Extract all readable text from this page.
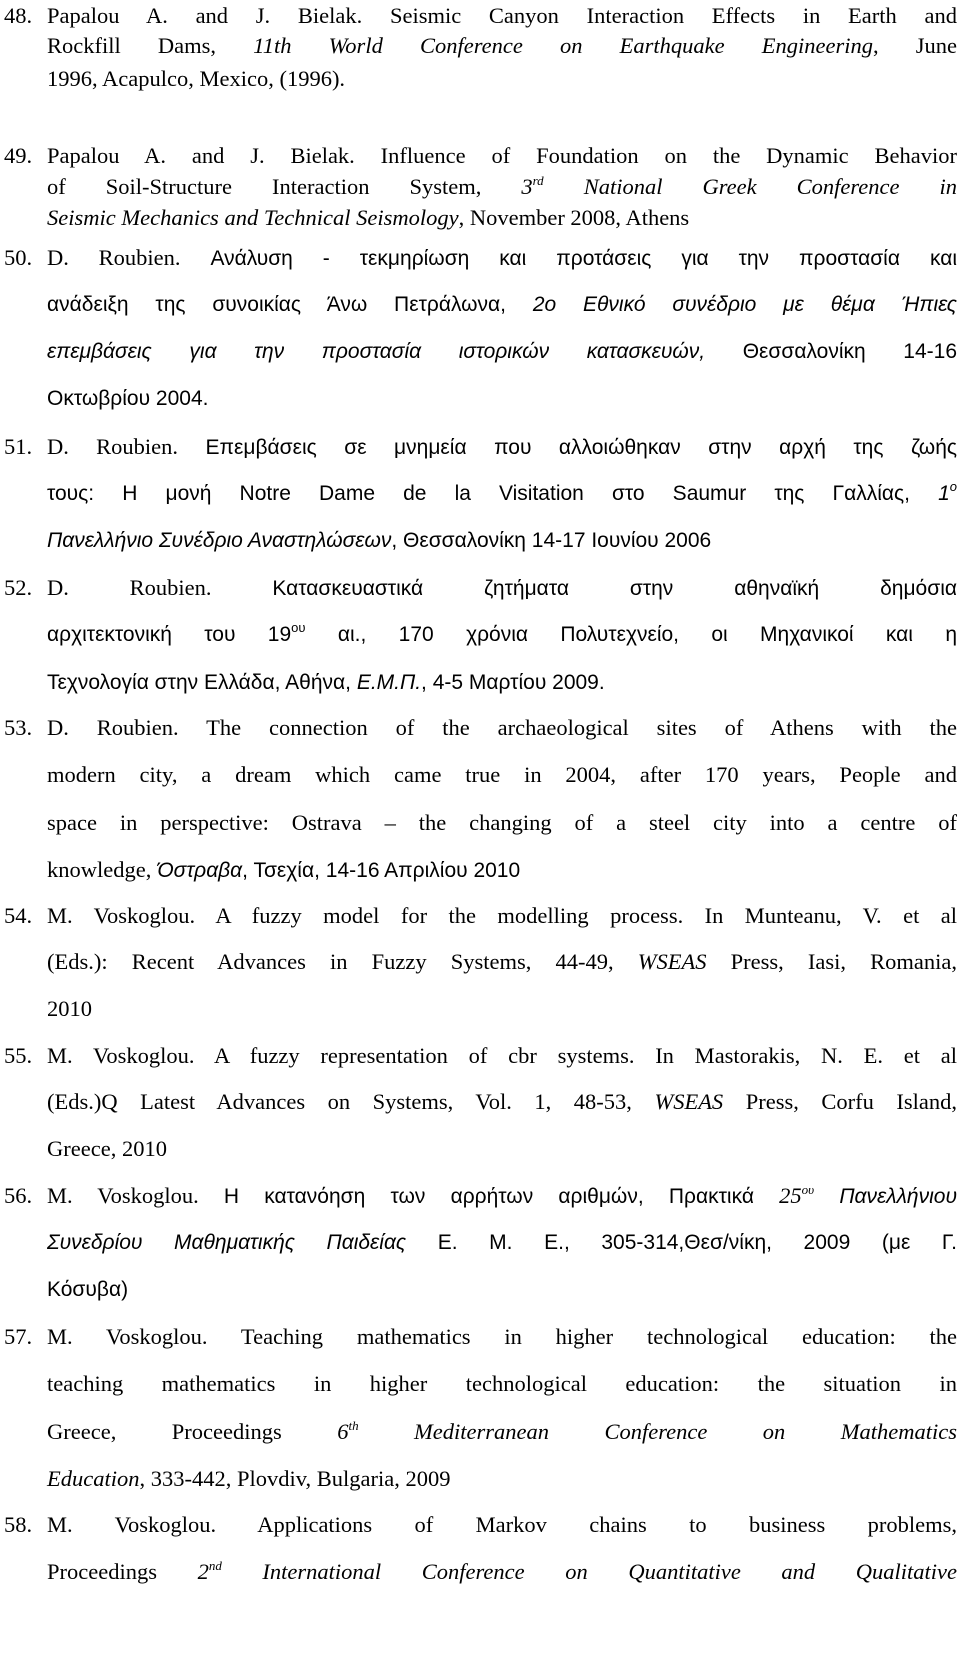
48. Papalou A. and J. Bielak. Seismic Canyon Interaction Effects in Earth and
Rockfill Dams, 11th World Conference on Earthquake Engineering, June
1996, Acapulco, Mexico, (1996).
49. Papalou A. and J. Bielak. Influence of Foundation on the Dynamic Behavior
of Soil-Structure Interaction System, 3rd National Greek Conference in
Seismic Mechanics and Technical Seismology, November 2008, Athens
50. D. Roubien. Ανάλυση - τεκμηρίωση και προτάσεις για την προστασία και
ανάδειξη της συνοικίας Άνω Πετράλωνα, 2ο Εθνικό συνέδριο με θέμα Ήπιες
επεμβάσεις για την προστασία ιστορικών κατασκευών, Θεσσαλονίκη 14-16
Οκτωβρίου 2004.
51. D. Roubien. Επεμβάσεις σε μνημεία που αλλοιώθηκαν στην αρχή της ζωής
τους: Η μονή Notre Dame de la Visitation στο Saumur της Γαλλίας, $1^o$
Πανελλήνιο Συνέδριο Αναστηλώσεων, Θεσσαλονίκη 14-17 Ιουνίου 2006
52. D. Roubien. Κατασκευαστικά ζητήματα στην αθηναϊκή δημόσια
αρχιτεκτονική του $19^{o\upsilon}$ αι., 170 χρόνια Πολυτεχνείο, οι Μηχανικοί και η
Τεχνολογία στην Ελλάδα, Αθήνα, Ε.Μ.Π., 4-5 Μαρτίου 2009.
53. D. Roubien. The connection of the archaeological sites of Athens with the
modern city, a dream which came true in 2004, after 170 years, People and
space in perspective: Ostrava – the changing of a steel city into a centre of
knowledge, Όστραβα, Τσεχία, 14-16 Απριλίου 2010
54. M. Voskoglou. A fuzzy model for the modelling process. In Munteanu, V. et al
(Eds.): Recent Advances in Fuzzy Systems, 44-49, WSEAS Press, Iasi, Romania,
2010
55. M. Voskoglou. A fuzzy representation of cbr systems. In Mastorakis, N. E. et al
(Eds.)Q Latest Advances on Systems, Vol. 1, 48-53, WSEAS Press, Corfu Island,
Greece, 2010
56. M. Voskoglou. Η κατανόηση των αρρήτων αριθμών, Πρακτικά $25^{o\upsilon}$ Πανελλήνιου
Συνεδρίου Μαθηματικής Παιδείας Ε. Μ. Ε., 305-314,Θεσ/νίκη, 2009 (με Γ.
Κόσυβα)
57. M. Voskoglou. Teaching mathematics in higher technological education: the
teaching mathematics in higher technological education: the situation in
Greece, Proceedings 6th Mediterranean Conference on Mathematics
Education, 333-442, Plovdiv, Bulgaria, 2009
58. M. Voskoglou. Applications of Markov chains to business problems,
Proceedings 2nd International Conference on Quantitative and Qualitative
